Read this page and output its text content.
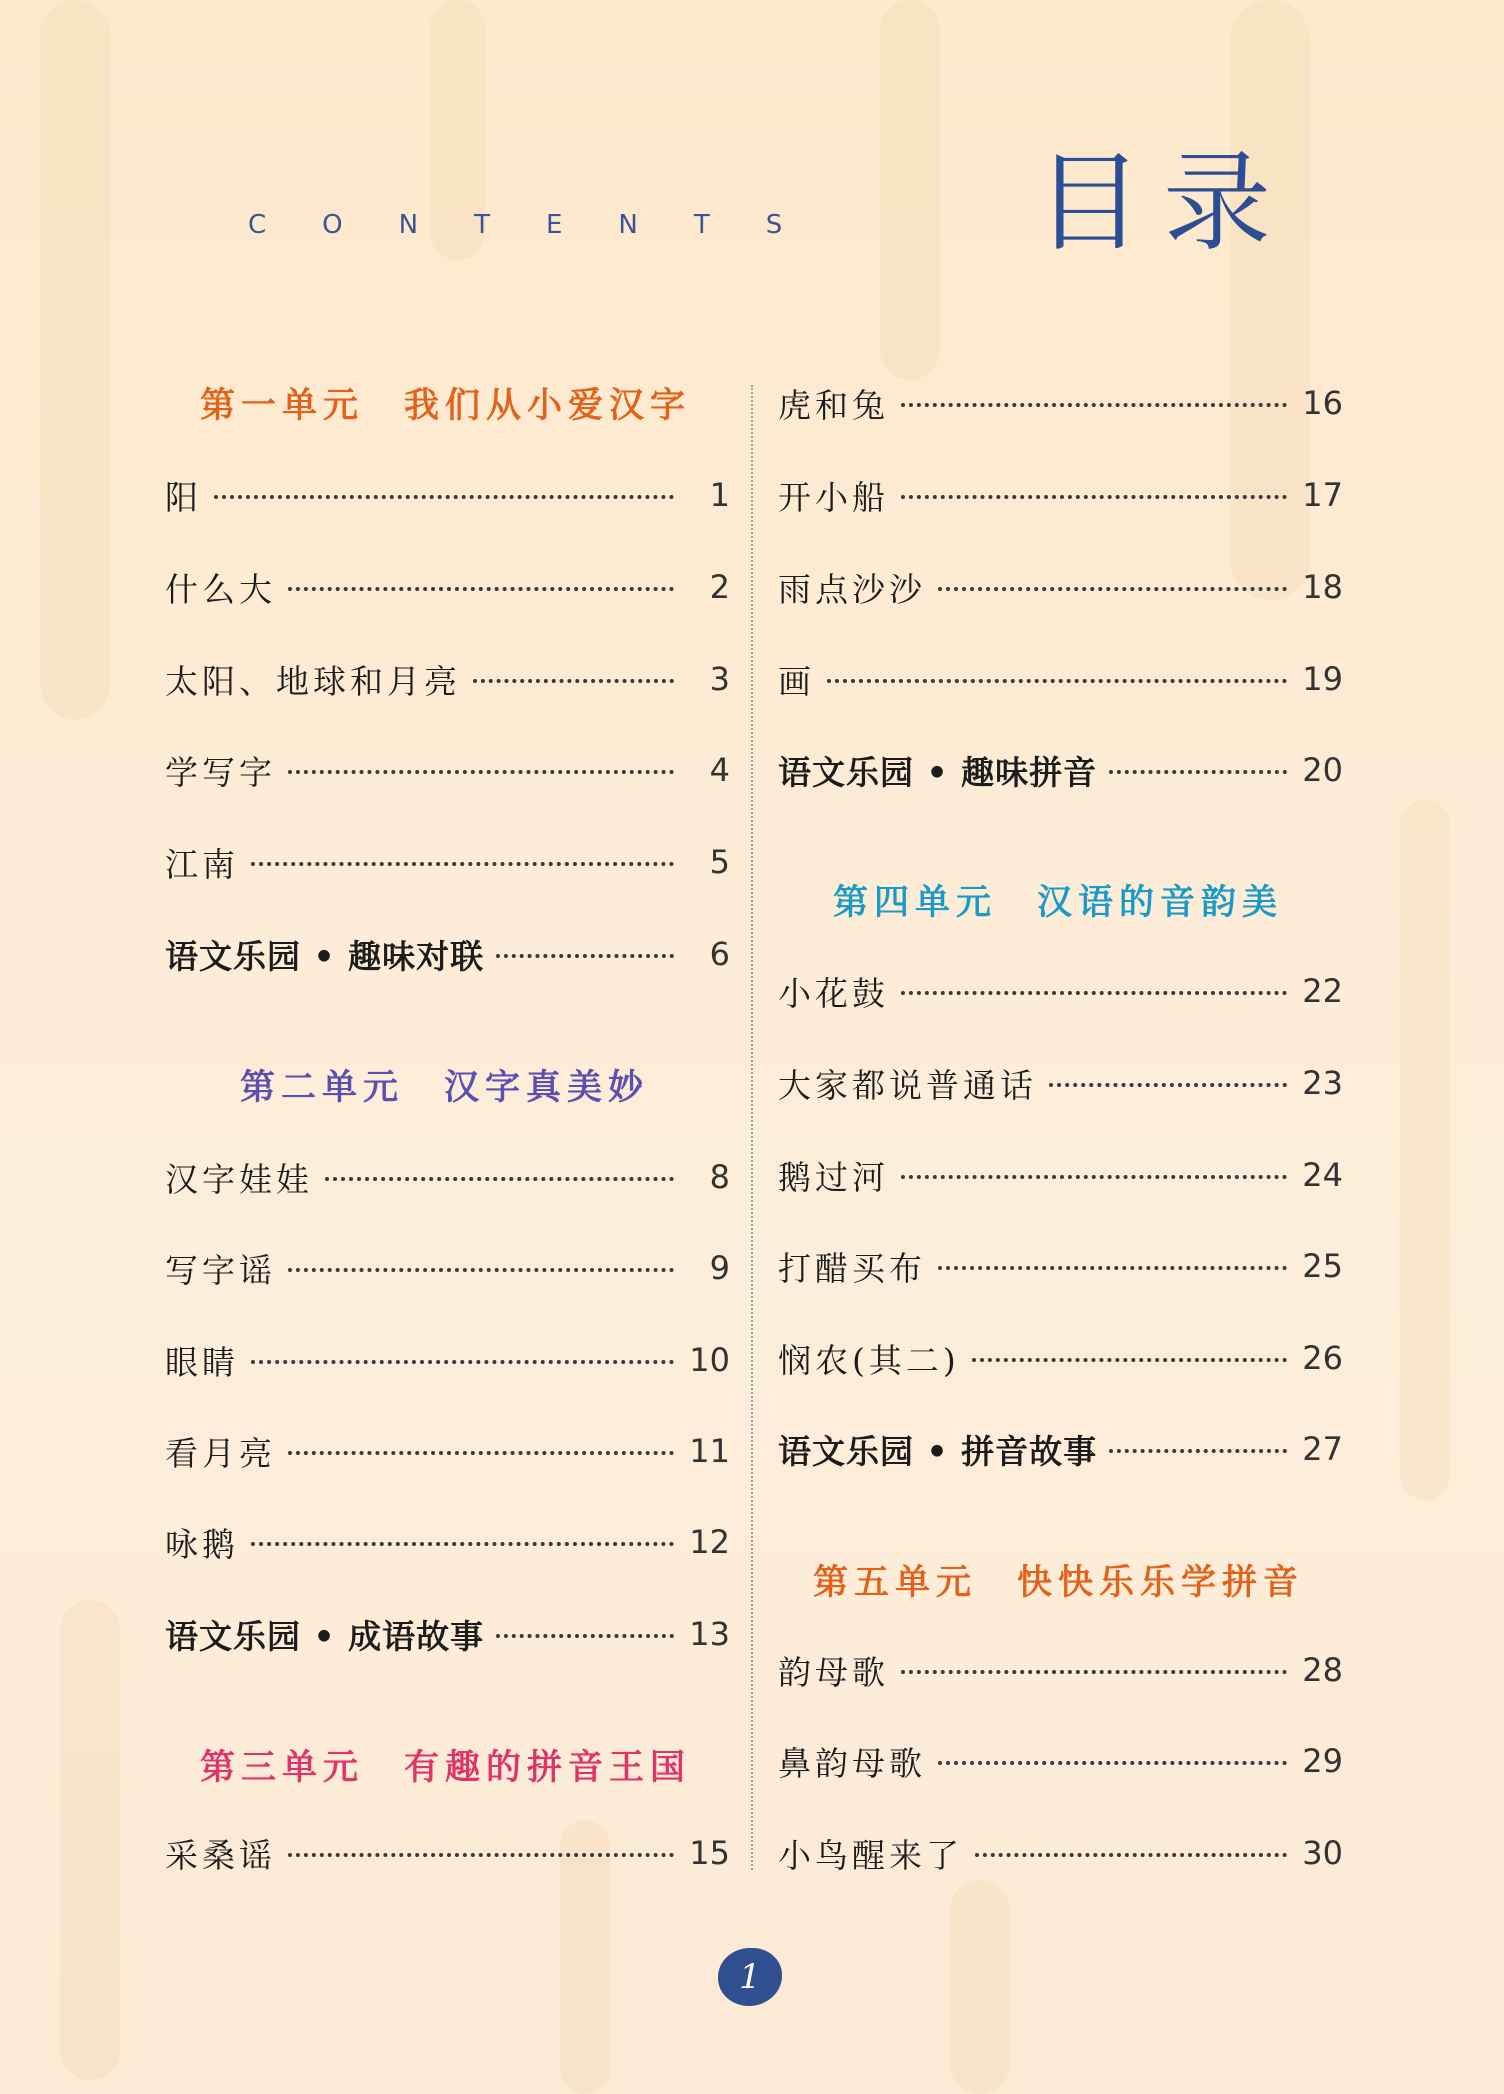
CONTENTS 目录
第一单元 我们从小爱汉字
阳	1
什么大	2
太阳、地球和月亮	3
学写字	4
江南	5
语文乐园 • 趣味对联	6
第二单元 汉字真美妙
汉字娃娃	8
写字谣	9
眼睛	10
看月亮	11
咏鹅	12
语文乐园 • 成语故事	13
第三单元 有趣的拼音王国
采桑谣	15
虎和兔	16
开小船	17
雨点沙沙	18
画	19
语文乐园 • 趣味拼音	20
第四单元 汉语的音韵美
小花鼓	22
大家都说普通话	23
鹅过河	24
打醋买布	25
悯农(其二)	26
语文乐园 • 拼音故事	27
第五单元 快快乐乐学拼音
韵母歌	28
鼻韵母歌	29
小鸟醒来了	30
1
